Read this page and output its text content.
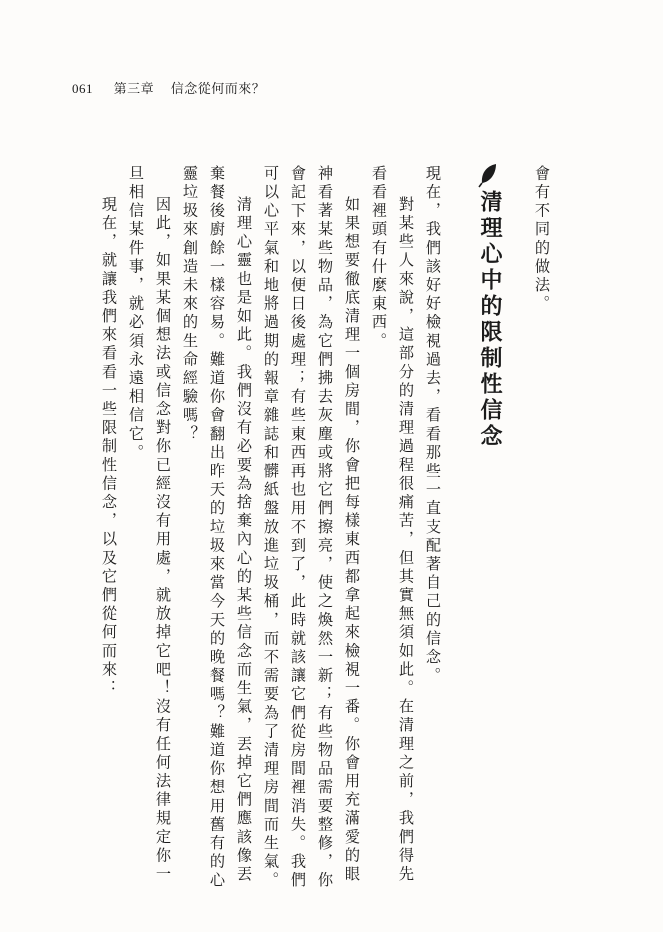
061 第三章 信念從何而來？
會有不同的做法。
清理心中的限制性信念
現在，我們該好好檢視過去，看看那些一直支配著自己的信念。
對某些人來說，這部分的清理過程很痛苦，但其實無須如此。在清理之前，我們得先
看看裡頭有什麼東西。
如果想要徹底清理一個房間，你會把每樣東西都拿起來檢視一番。你會用充滿愛的眼
神看著某些物品，為它們拂去灰塵或將它們擦亮，使之煥然一新；有些物品需要整修，你
會記下來，以便日後處理；有些東西再也用不到了，此時就該讓它們從房間裡消失。我們
可以心平氣和地將過期的報章雜誌和髒紙盤放進垃圾桶，而不需要為了清理房間而生氣。
清理心靈也是如此。我們沒有必要為捨棄內心的某些信念而生氣，丟掉它們應該像丟
棄餐後廚餘一樣容易。難道你會翻出昨天的垃圾來當今天的晚餐嗎？難道你想用舊有的心
靈垃圾來創造未來的生命經驗嗎？
因此，如果某個想法或信念對你已經沒有用處，就放掉它吧！沒有任何法律規定你一
旦相信某件事，就必須永遠相信它。
現在，就讓我們來看看一些限制性信念，以及它們從何而來：
